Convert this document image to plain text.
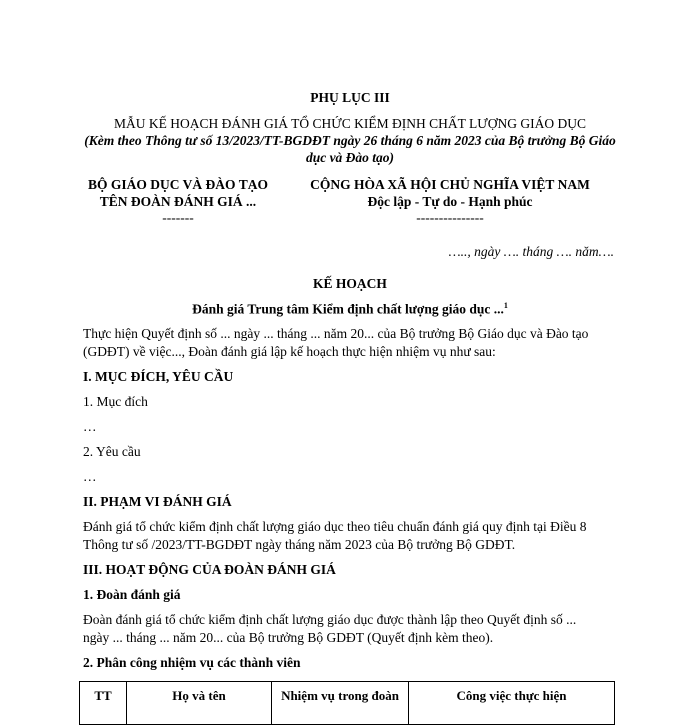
PHỤ LỤC III
MẪU KẾ HOẠCH ĐÁNH GIÁ TỔ CHỨC KIỂM ĐỊNH CHẤT LƯỢNG GIÁO DỤC
(Kèm theo Thông tư số 13/2023/TT-BGDĐT ngày 26 tháng 6 năm 2023 của Bộ trưởng Bộ Giáo
dục và Đào tạo)
BỘ GIÁO DỤC VÀ ĐÀO TẠO
TÊN ĐOÀN ĐÁNH GIÁ ...
-------
CỘNG HÒA XÃ HỘI CHỦ NGHĨA VIỆT NAM
Độc lập - Tự do - Hạnh phúc
---------------
….., ngày …. tháng …. năm….
KẾ HOẠCH
Đánh giá Trung tâm Kiểm định chất lượng giáo dục ...$^1$
Thực hiện Quyết định số ... ngày ... tháng ... năm 20... của Bộ trưởng Bộ Giáo dục và Đào tạo
(GDĐT) về việc..., Đoàn đánh giá lập kế hoạch thực hiện nhiệm vụ như sau:
I. MỤC ĐÍCH, YÊU CẦU
1. Mục đích
…
2. Yêu cầu
…
II. PHẠM VI ĐÁNH GIÁ
Đánh giá tổ chức kiểm định chất lượng giáo dục theo tiêu chuẩn đánh giá quy định tại Điều 8
Thông tư số /2023/TT-BGDĐT ngày tháng năm 2023 của Bộ trưởng Bộ GDĐT.
III. HOẠT ĐỘNG CỦA ĐOÀN ĐÁNH GIÁ
1. Đoàn đánh giá
Đoàn đánh giá tổ chức kiểm định chất lượng giáo dục được thành lập theo Quyết định số ...
ngày ... tháng ... năm 20... của Bộ trưởng Bộ GDĐT (Quyết định kèm theo).
2. Phân công nhiệm vụ các thành viên
TT	Họ và tên	Nhiệm vụ trong đoàn	Công việc thực hiện
